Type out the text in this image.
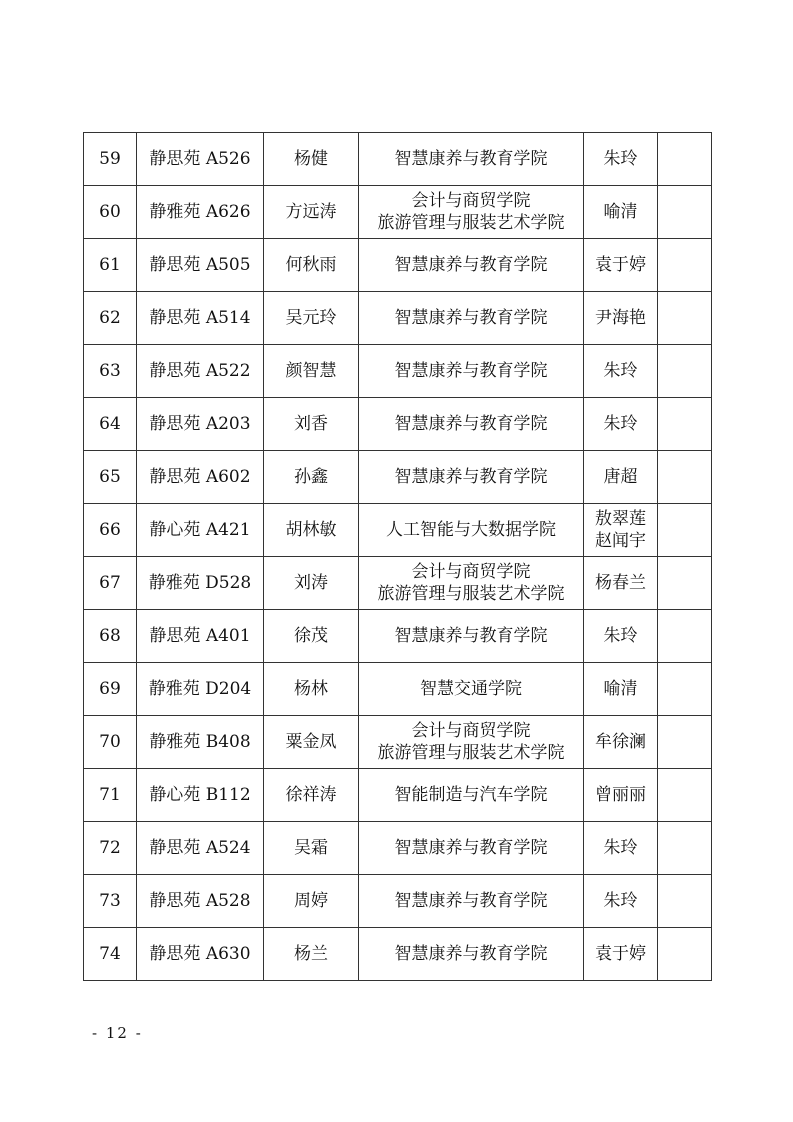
59	静思苑 A526	杨健	智慧康养与教育学院	朱玲	

60	静雅苑 A626	方远涛	会计与商贸学院
旅游管理与服装艺术学院	喻清	

61	静思苑 A505	何秋雨	智慧康养与教育学院	袁于婷	

62	静思苑 A514	吴元玲	智慧康养与教育学院	尹海艳	

63	静思苑 A522	颜智慧	智慧康养与教育学院	朱玲	

64	静思苑 A203	刘香	智慧康养与教育学院	朱玲	

65	静思苑 A602	孙鑫	智慧康养与教育学院	唐超	

66	静心苑 A421	胡林敏	人工智能与大数据学院	敖翠莲
赵闻宇	

67	静雅苑 D528	刘涛	会计与商贸学院
旅游管理与服装艺术学院	杨春兰	

68	静思苑 A401	徐茂	智慧康养与教育学院	朱玲	

69	静雅苑 D204	杨林	智慧交通学院	喻清	

70	静雅苑 B408	粟金凤	会计与商贸学院
旅游管理与服装艺术学院	牟徐澜	

71	静心苑 B112	徐祥涛	智能制造与汽车学院	曾丽丽	

72	静思苑 A524	吴霜	智慧康养与教育学院	朱玲	

73	静思苑 A528	周婷	智慧康养与教育学院	朱玲	

74	静思苑 A630	杨兰	智慧康养与教育学院	袁于婷	

- 12 -
